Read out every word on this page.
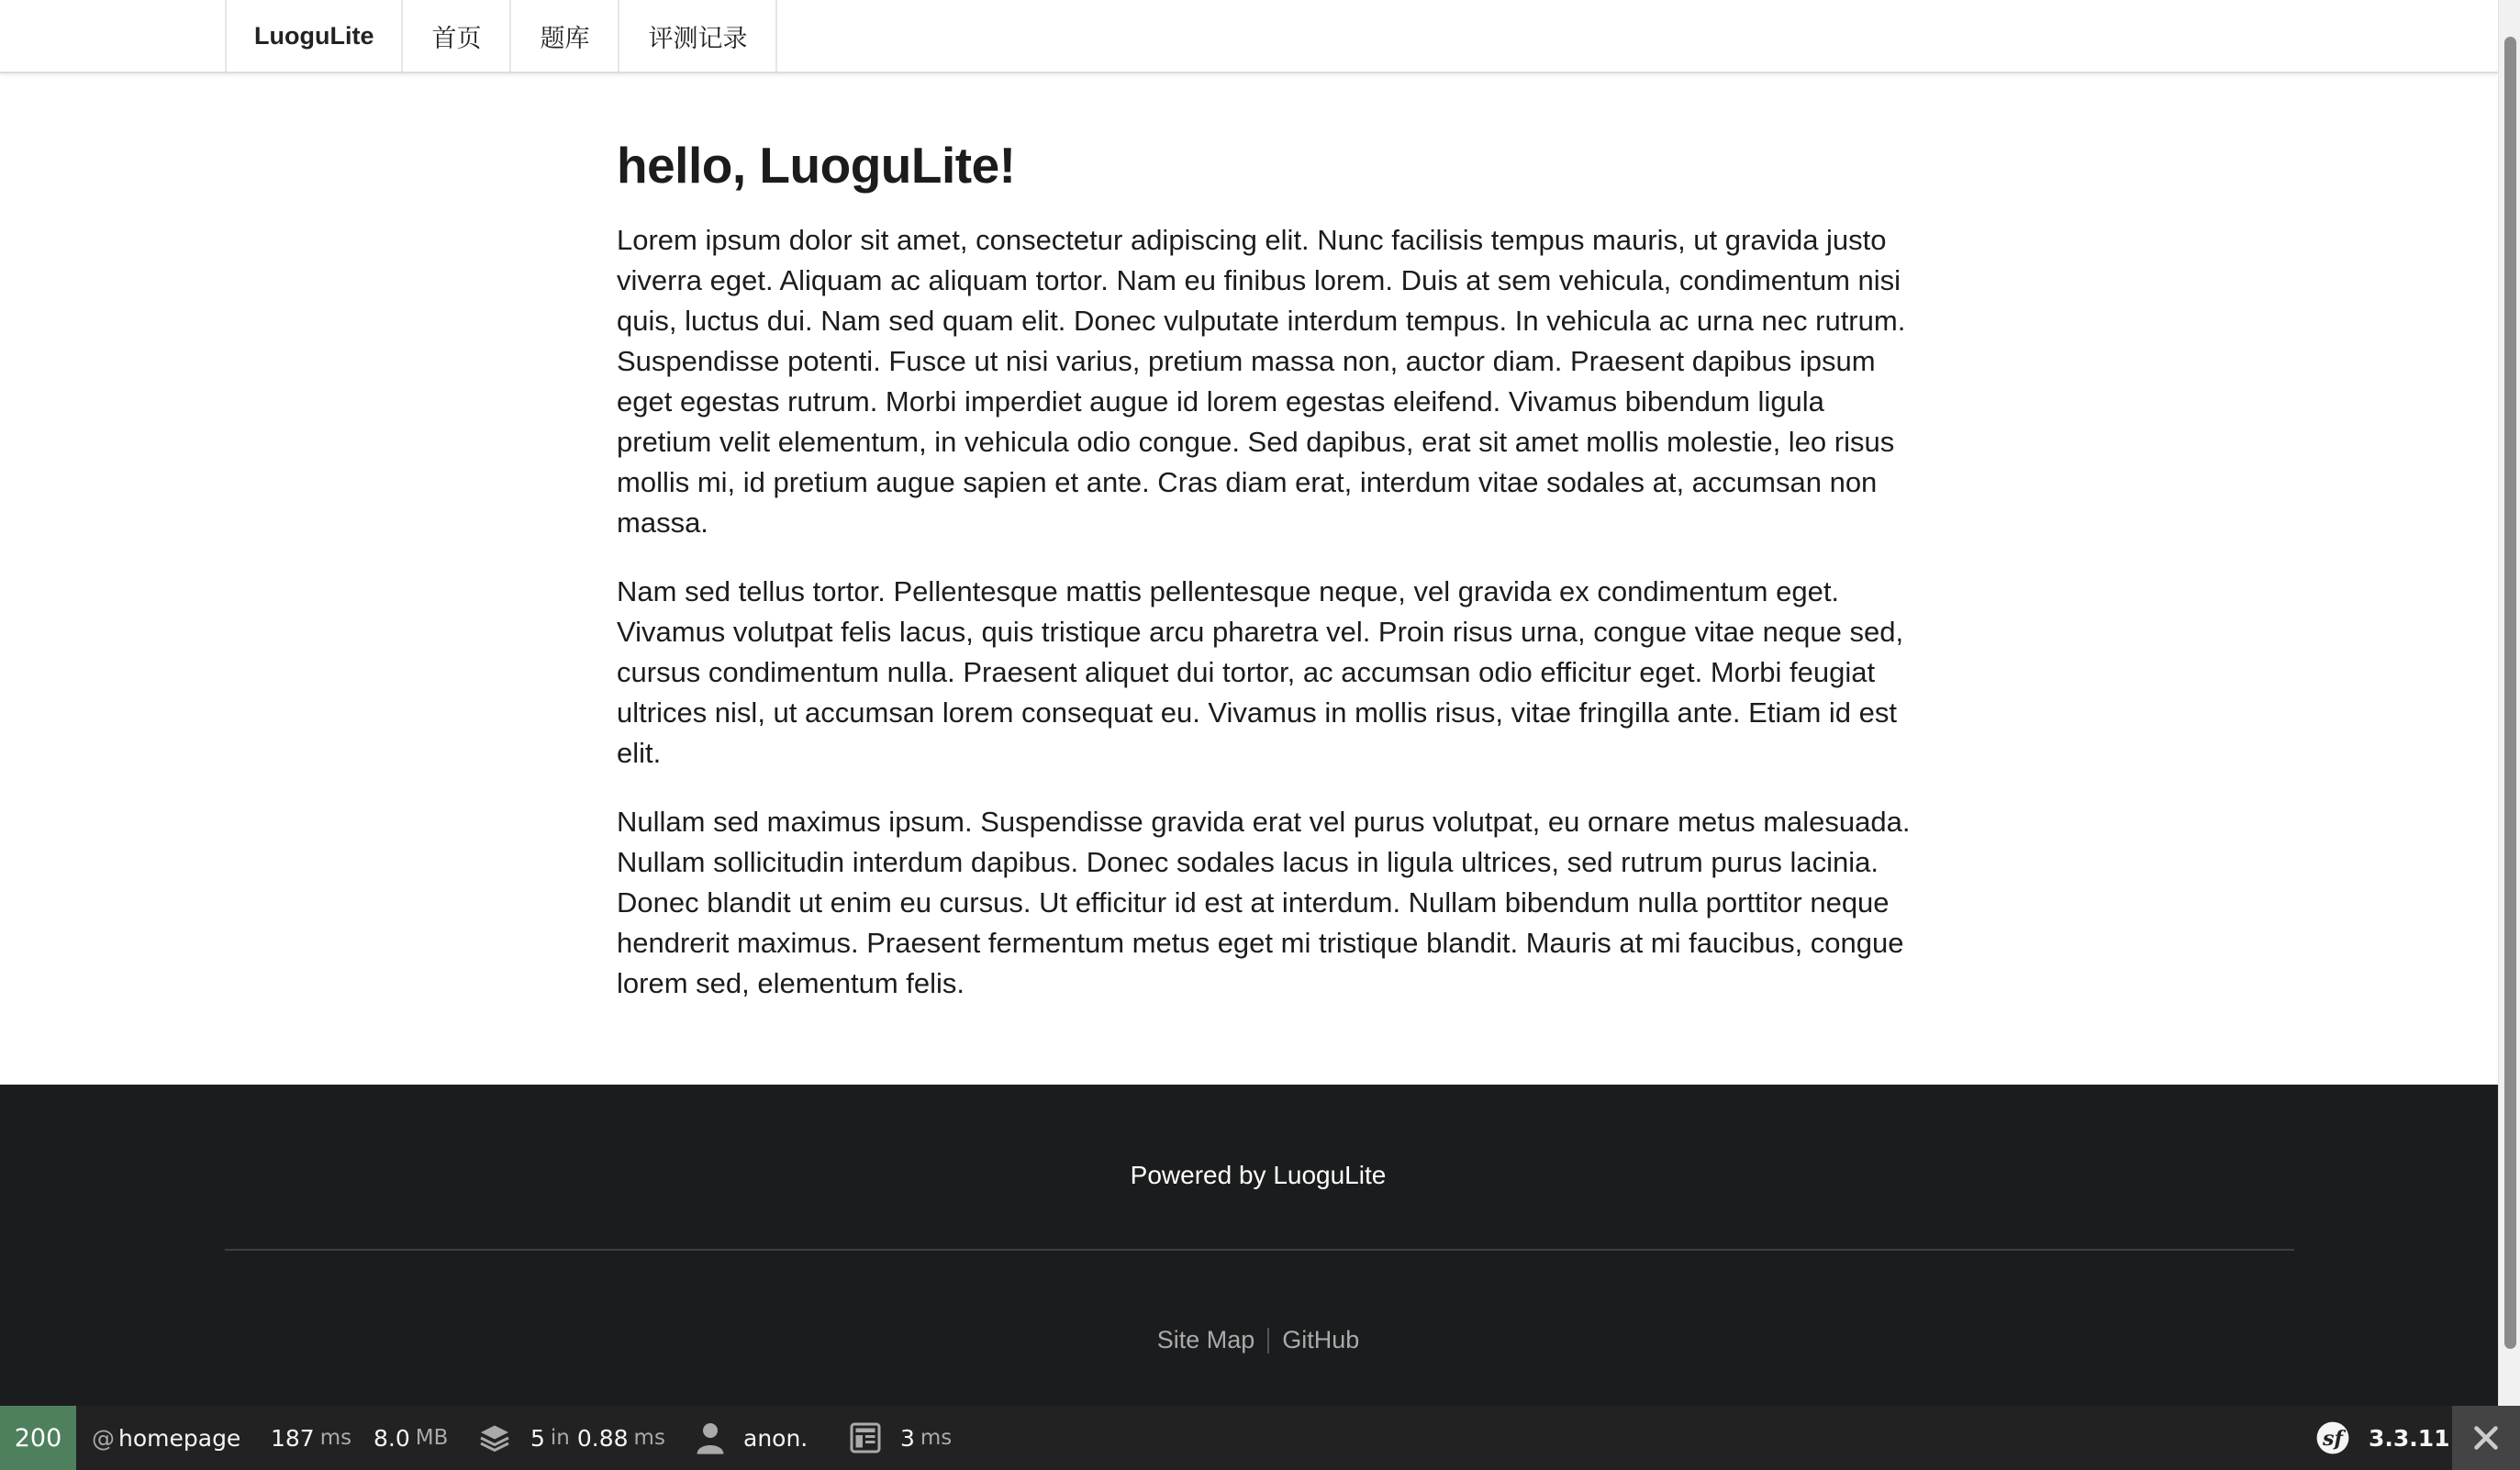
LuoguLite	首页	题库	评测记录
hello, LuoguLite!

Lorem ipsum dolor sit amet, consectetur adipiscing elit. Nunc facilisis tempus mauris, ut gravida justo viverra eget. Aliquam ac aliquam tortor. Nam eu finibus lorem. Duis at sem vehicula, condimentum nisi quis, luctus dui. Nam sed quam elit. Donec vulputate interdum tempus. In vehicula ac urna nec rutrum. Suspendisse potenti. Fusce ut nisi varius, pretium massa non, auctor diam. Praesent dapibus ipsum eget egestas rutrum. Morbi imperdiet augue id lorem egestas eleifend. Vivamus bibendum ligula pretium velit elementum, in vehicula odio congue. Sed dapibus, erat sit amet mollis molestie, leo risus mollis mi, id pretium augue sapien et ante. Cras diam erat, interdum vitae sodales at, accumsan non massa.

Nam sed tellus tortor. Pellentesque mattis pellentesque neque, vel gravida ex condimentum eget. Vivamus volutpat felis lacus, quis tristique arcu pharetra vel. Proin risus urna, congue vitae neque sed, cursus condimentum nulla. Praesent aliquet dui tortor, ac accumsan odio efficitur eget. Morbi feugiat ultrices nisl, ut accumsan lorem consequat eu. Vivamus in mollis risus, vitae fringilla ante. Etiam id est elit.

Nullam sed maximus ipsum. Suspendisse gravida erat vel purus volutpat, eu ornare metus malesuada. Nullam sollicitudin interdum dapibus. Donec sodales lacus in ligula ultrices, sed rutrum purus lacinia. Donec blandit ut enim eu cursus. Ut efficitur id est at interdum. Nullam bibendum nulla porttitor neque hendrerit maximus. Praesent fermentum metus eget mi tristique blandit. Mauris at mi faucibus, congue lorem sed, elementum felis.

Powered by LuoguLite
Site Map	GitHub
200 @ homepage 187 ms 8.0 MB	5 in 0.88 ms	anon.	3 ms	sf 3.3.11
